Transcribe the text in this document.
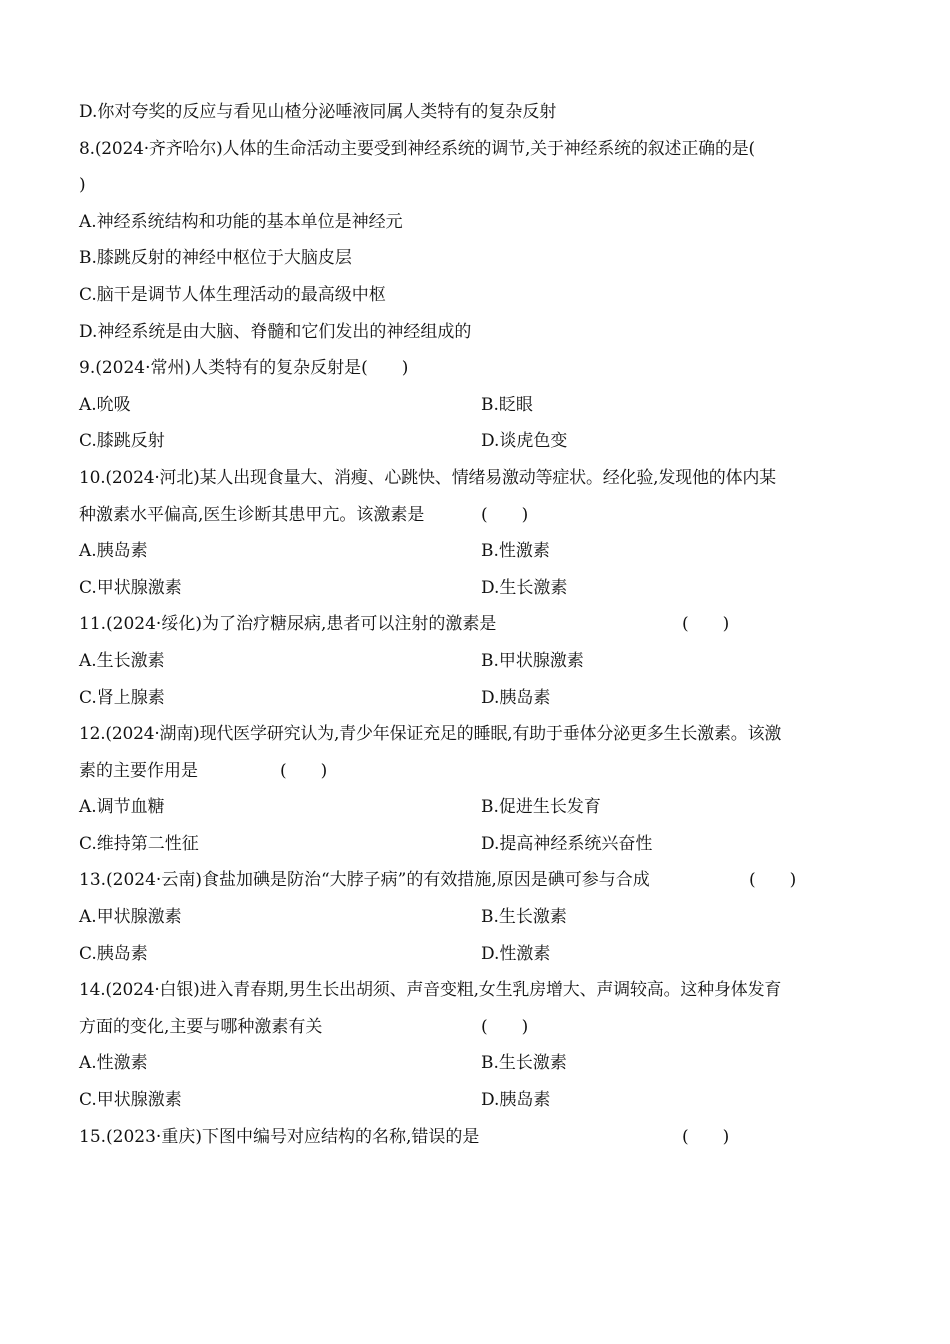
D.你对夸奖的反应与看见山楂分泌唾液同属人类特有的复杂反射
8.(2024·齐齐哈尔)人体的生命活动主要受到神经系统的调节,关于神经系统的叙述正确的是(
)
A.神经系统结构和功能的基本单位是神经元
B.膝跳反射的神经中枢位于大脑皮层
C.脑干是调节人体生理活动的最高级中枢
D.神经系统是由大脑、脊髓和它们发出的神经组成的
9.(2024·常州)人类特有的复杂反射是(　　)
A.吮吸	B.眨眼
C.膝跳反射	D.谈虎色变
10.(2024·河北)某人出现食量大、消瘦、心跳快、情绪易激动等症状。经化验,发现他的体内某
种激素水平偏高,医生诊断其患甲亢。该激素是	(　　)
A.胰岛素	B.性激素
C.甲状腺激素	D.生长激素
11.(2024·绥化)为了治疗糖尿病,患者可以注射的激素是	(　　)
A.生长激素	B.甲状腺激素
C.肾上腺素	D.胰岛素
12.(2024·湖南)现代医学研究认为,青少年保证充足的睡眠,有助于垂体分泌更多生长激素。该激
素的主要作用是	(　　)
A.调节血糖	B.促进生长发育
C.维持第二性征	D.提高神经系统兴奋性
13.(2024·云南)食盐加碘是防治“大脖子病”的有效措施,原因是碘可参与合成	(　　)
A.甲状腺激素	B.生长激素
C.胰岛素	D.性激素
14.(2024·白银)进入青春期,男生长出胡须、声音变粗,女生乳房增大、声调较高。这种身体发育
方面的变化,主要与哪种激素有关	(　　)
A.性激素	B.生长激素
C.甲状腺激素	D.胰岛素
15.(2023·重庆)下图中编号对应结构的名称,错误的是	(　　)
